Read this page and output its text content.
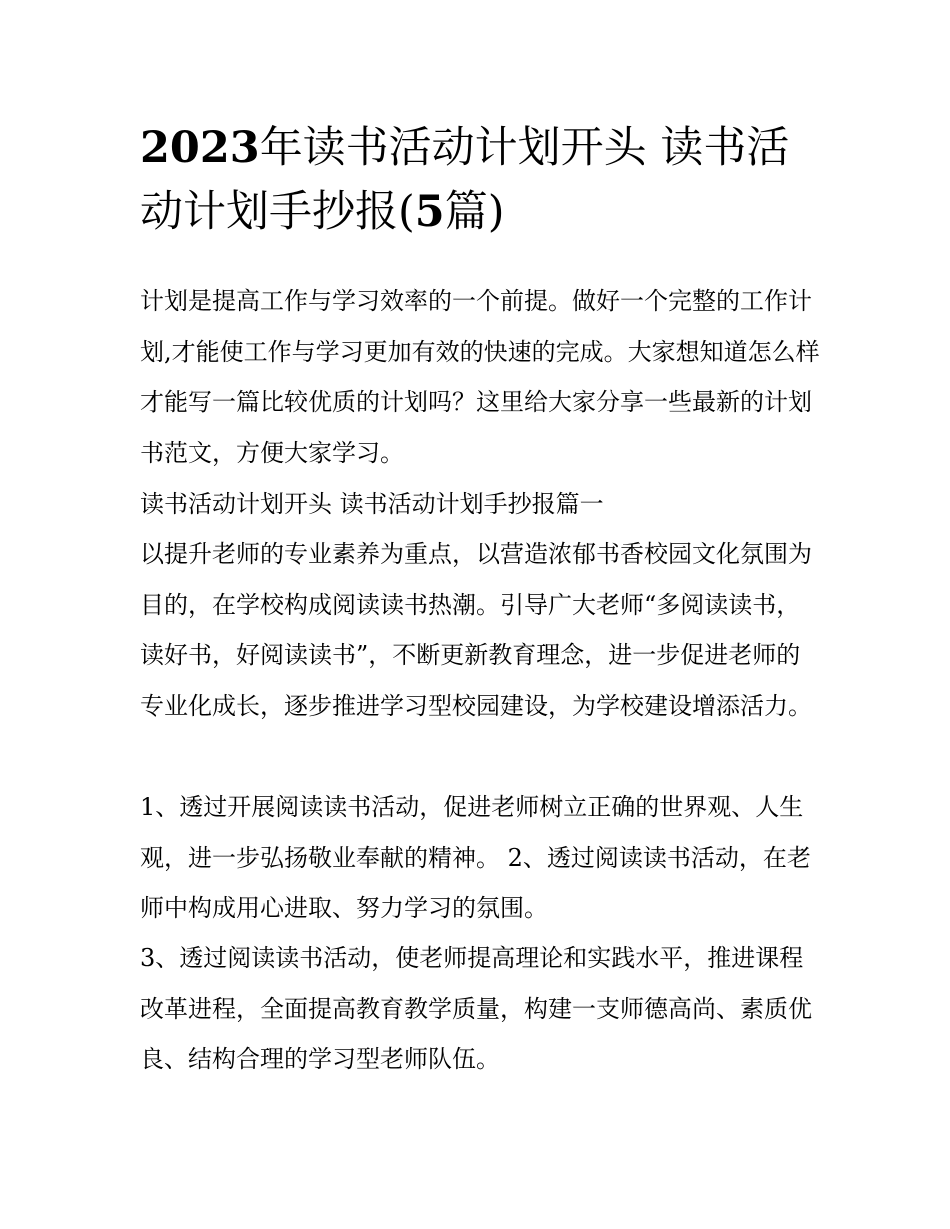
2023年读书活动计划开头 读书活动计划手抄报(5篇)

计划是提高工作与学习效率的一个前提。做好一个完整的工作计划,才能使工作与学习更加有效的快速的完成。大家想知道怎么样才能写一篇比较优质的计划吗？这里给大家分享一些最新的计划书范文，方便大家学习。

读书活动计划开头 读书活动计划手抄报篇一

以提升老师的专业素养为重点，以营造浓郁书香校园文化氛围为目的，在学校构成阅读读书热潮。引导广大老师“多阅读读书，读好书，好阅读读书”，不断更新教育理念，进一步促进老师的专业化成长，逐步推进学习型校园建设，为学校建设增添活力。

1、透过开展阅读读书活动，促进老师树立正确的世界观、人生观，进一步弘扬敬业奉献的精神。 2、透过阅读读书活动，在老师中构成用心进取、努力学习的氛围。

3、透过阅读读书活动，使老师提高理论和实践水平，推进课程改革进程，全面提高教育教学质量，构建一支师德高尚、素质优良、结构合理的学习型老师队伍。
